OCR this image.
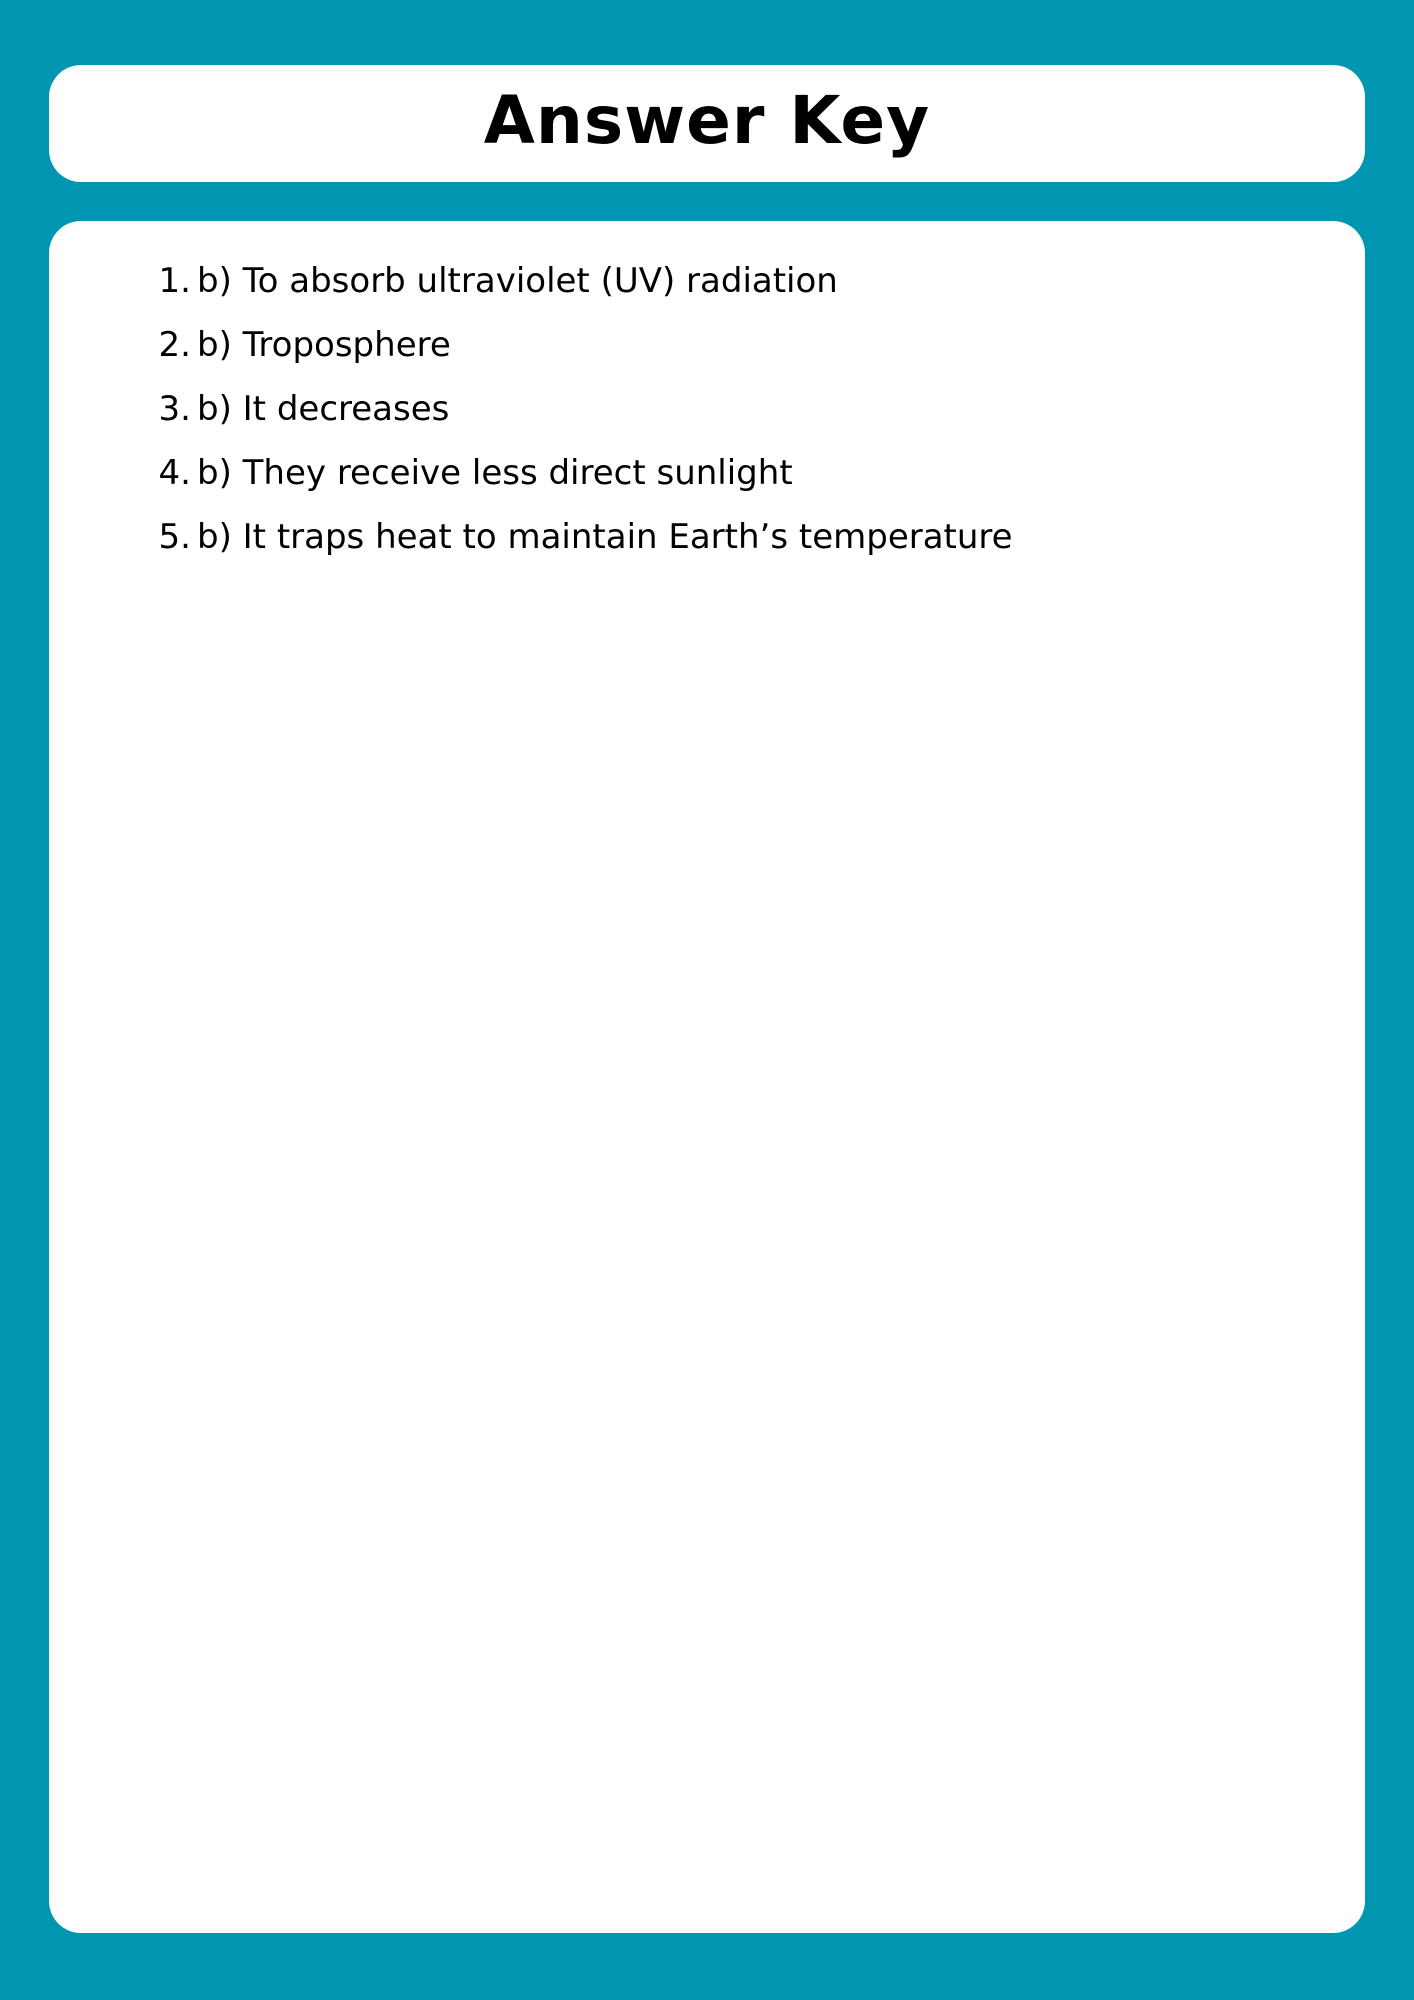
Answer Key
1. b) To absorb ultraviolet (UV) radiation
2. b) Troposphere
3. b) It decreases
4. b) They receive less direct sunlight
5. b) It traps heat to maintain Earth’s temperature
